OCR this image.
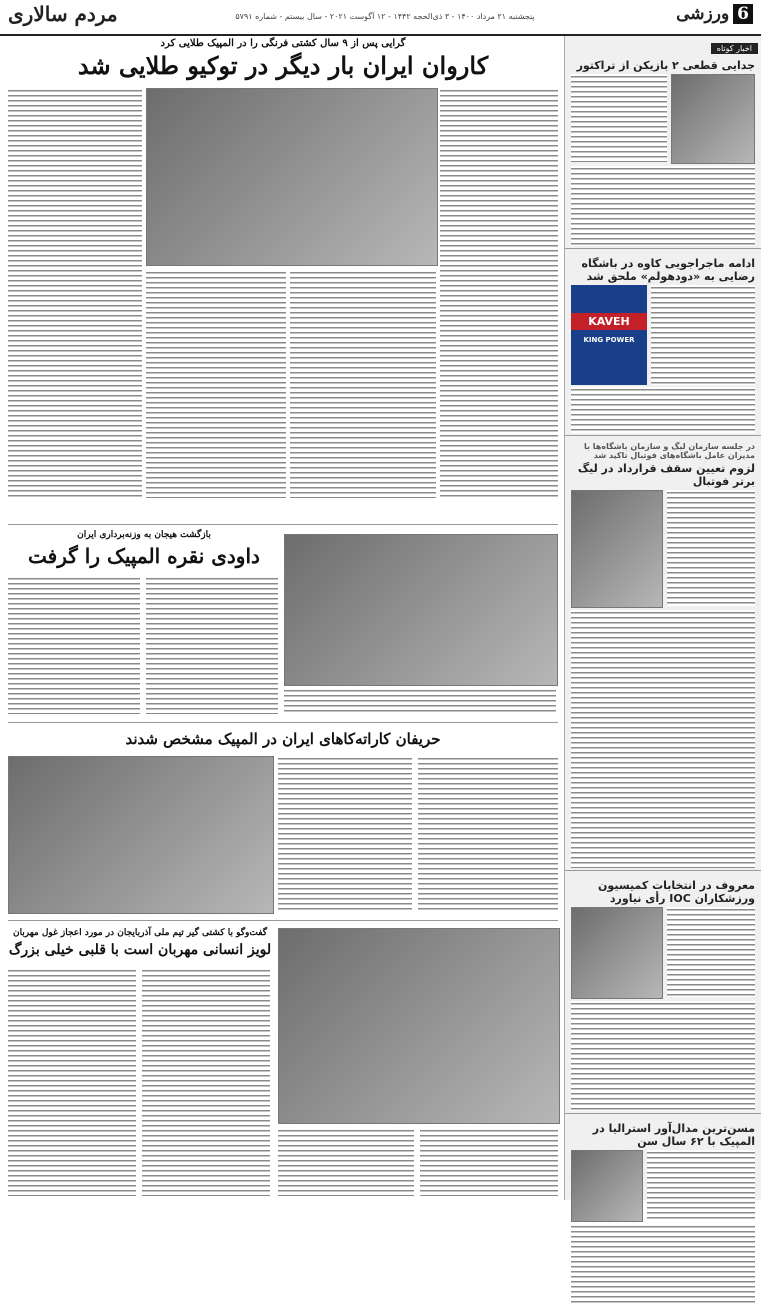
6ورزشی
پنجشنبه ۲۱ مرداد ۱۴۰۰ - ۳ ذی‌الحجه ۱۴۴۲ - ۱۲ آگوست ۲۰۲۱ - سال بیستم - شماره ۵۷۹۱
مردم سالاری
اخبار کوتاه
جدایی قطعی ۲ بازیکن از تراکتور
ادامه ماجراجویی کاوه در باشگاه رضایی به «دودهولم» ملحق شد
KAVEH
KING POWER
در جلسه سازمان لیگ و سازمان باشگاه‌ها با مدیران عامل باشگاه‌های فوتبال تاکید شد
لزوم تعیین سقف قرارداد در لیگ برتر فوتبال
معروف در انتخابات کمیسیون ورزشکاران IOC رأی نیاورد
مسن‌ترین مدال‌آور استرالیا در المپیک با ۶۲ سال سن
گرایی پس از ۹ سال کشتی فرنگی را در المپیک طلایی کرد
کاروان ایران بار دیگر در توکیو طلایی شد
بازگشت هیجان به وزنه‌برداری ایران
داودی نقره المپیک را گرفت
حریفان کاراته‌کاهای ایران در المپیک مشخص شدند
گفت‌وگو با کشتی گیر تیم ملی آذربایجان در مورد اعجاز غول مهربان
لویز انسانی مهربان است با قلبی خیلی بزرگ
